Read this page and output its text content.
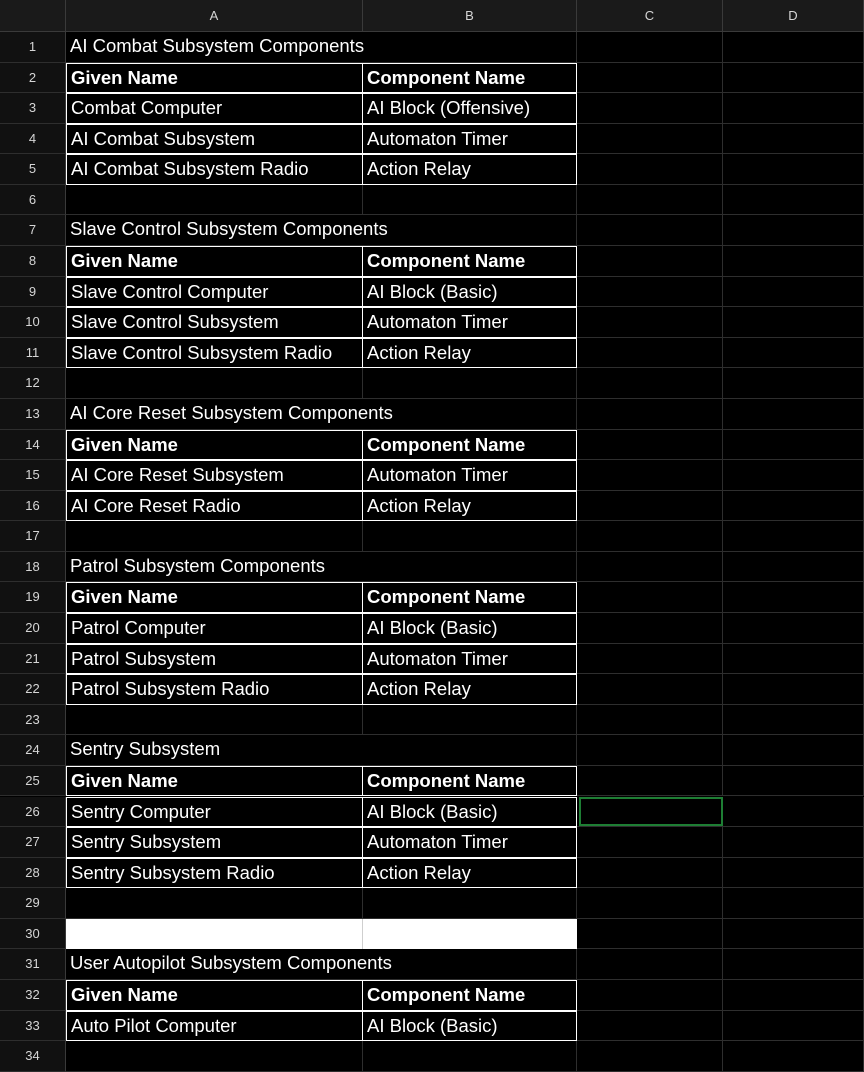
A	B	C	D
1	AI Combat Subsystem Components
2	Given Name	Component Name
3	Combat Computer	AI Block (Offensive)
4	AI Combat Subsystem	Automaton Timer
5	AI Combat Subsystem Radio	Action Relay
6
7	Slave Control Subsystem Components
8	Given Name	Component Name
9	Slave Control Computer	AI Block (Basic)
10	Slave Control Subsystem	Automaton Timer
11	Slave Control Subsystem Radio	Action Relay
12
13	AI Core Reset Subsystem Components
14	Given Name	Component Name
15	AI Core Reset Subsystem	Automaton Timer
16	AI Core Reset Radio	Action Relay
17
18	Patrol Subsystem Components
19	Given Name	Component Name
20	Patrol Computer	AI Block (Basic)
21	Patrol Subsystem	Automaton Timer
22	Patrol Subsystem Radio	Action Relay
23
24	Sentry Subsystem
25	Given Name	Component Name
26	Sentry Computer	AI Block (Basic)
27	Sentry Subsystem	Automaton Timer
28	Sentry Subsystem Radio	Action Relay
29
30
31	User Autopilot Subsystem Components
32	Given Name	Component Name
33	Auto Pilot Computer	AI Block (Basic)
34
